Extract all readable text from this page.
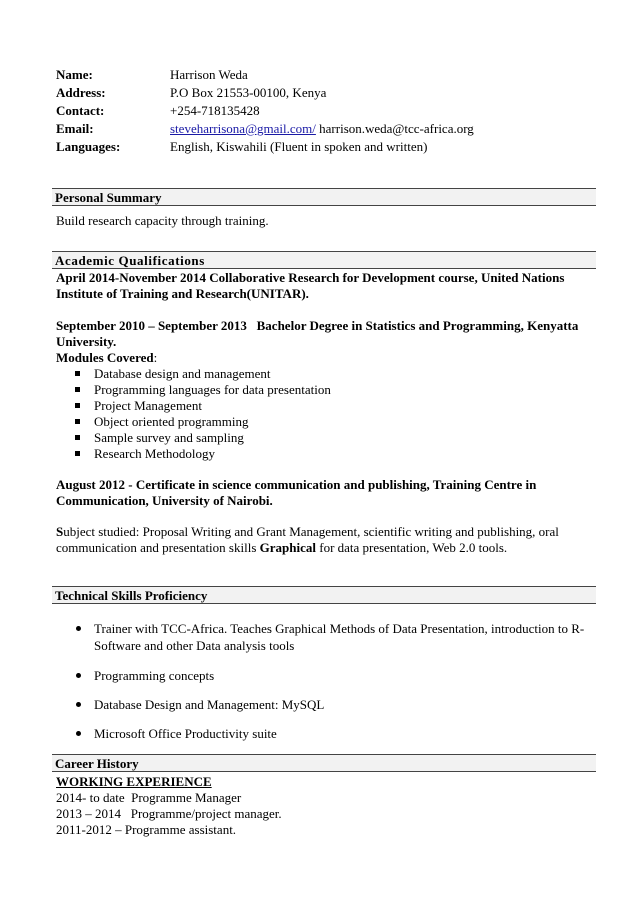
Name:	Harrison Weda
Address:	P.O Box 21553-00100, Kenya
Contact:	+254-718135428
Email:	steveharrisona@gmail.com/ harrison.weda@tcc-africa.org
Languages:	English, Kiswahili (Fluent in spoken and written)
Personal Summary
Build research capacity through training.
Academic Qualifications
April 2014-November 2014 Collaborative Research for Development course, United Nations
Institute of Training and Research(UNITAR).
September 2010 – September 2013   Bachelor Degree in Statistics and Programming, Kenyatta
University.
Modules Covered:
Database design and management
Programming languages for data presentation
Project Management
Object oriented programming
Sample survey and sampling
Research Methodology
August 2012 - Certificate in science communication and publishing, Training Centre in
Communication, University of Nairobi.
Subject studied: Proposal Writing and Grant Management, scientific writing and publishing, oral
communication and presentation skills Graphical for data presentation, Web 2.0 tools.
Technical Skills Proficiency
Trainer with TCC-Africa. Teaches Graphical Methods of Data Presentation, introduction to R-
Software and other Data analysis tools
Programming concepts
Database Design and Management: MySQL
Microsoft Office Productivity suite
Career History
WORKING EXPERIENCE
2014- to date  Programme Manager
2013 – 2014   Programme/project manager.
2011-2012 – Programme assistant.
